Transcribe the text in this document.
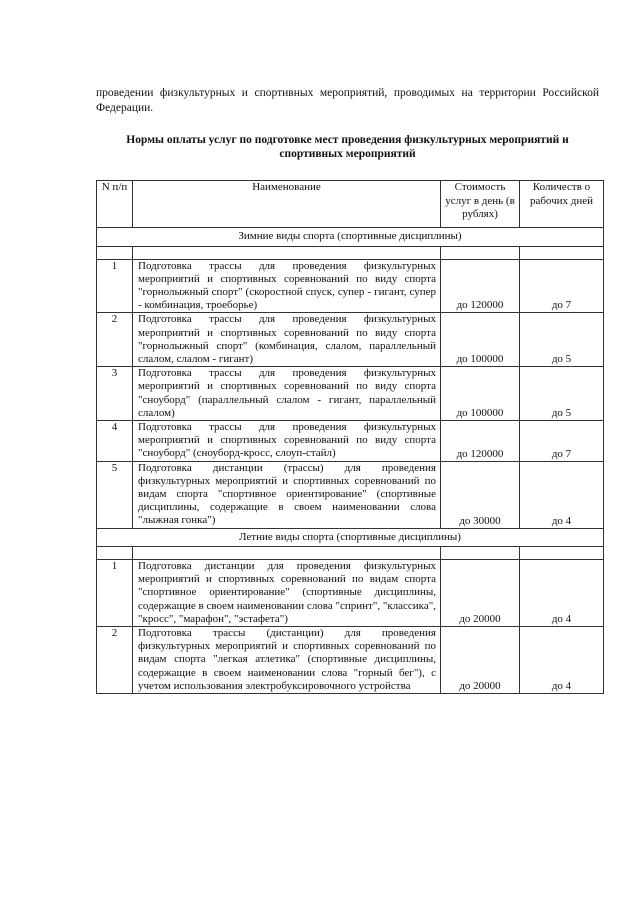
проведении физкультурных и спортивных мероприятий, проводимых на территории Российской Федерации.
Нормы оплаты услуг по подготовке мест проведения физкультурных мероприятий и спортивных мероприятий
N п/п	Наименование	Стоимость услуг в день (в рублях)	Количеств о рабочих дней
Зимние виды спорта (спортивные дисциплины)			

1	Подготовка трассы для проведения физкультурных мероприятий и спортивных соревнований по виду спорта "горнолыжный спорт" (скоростной спуск, супер - гигант, супер - комбинация, троеборье)	до 120000	до 7
2	Подготовка трассы для проведения физкультурных мероприятий и спортивных соревнований по виду спорта "горнолыжный спорт" (комбинация, слалом, параллельный слалом, слалом - гигант)	до 100000	до 5
3	Подготовка трассы для проведения физкультурных мероприятий и спортивных соревнований по виду спорта "сноуборд" (параллельный слалом - гигант, параллельный слалом)	до 100000	до 5
4	Подготовка трассы для проведения физкультурных мероприятий и спортивных соревнований по виду спорта "сноуборд" (сноуборд-кросс, слоуп-стайл)	до 120000	до 7
5	Подготовка дистанции (трассы) для проведения физкультурных мероприятий и спортивных соревнований по видам спорта "спортивное ориентирование" (спортивные дисциплины, содержащие в своем наименовании слова "лыжная гонка")	до 30000	до 4
Летние виды спорта (спортивные дисциплины)			

1	Подготовка дистанции для проведения физкультурных мероприятий и спортивных соревнований по видам спорта "спортивное ориентирование" (спортивные дисциплины, содержащие в своем наименовании слова "спринт", "классика", "кросс", "марафон", "эстафета")	до 20000	до 4
2	Подготовка трассы (дистанции) для проведения физкультурных мероприятий и спортивных соревнований по видам спорта "легкая атлетика" (спортивные дисциплины, содержащие в своем наименовании слова "горный бег"), с учетом использования электробуксировочного устройства	до 20000	до 4
